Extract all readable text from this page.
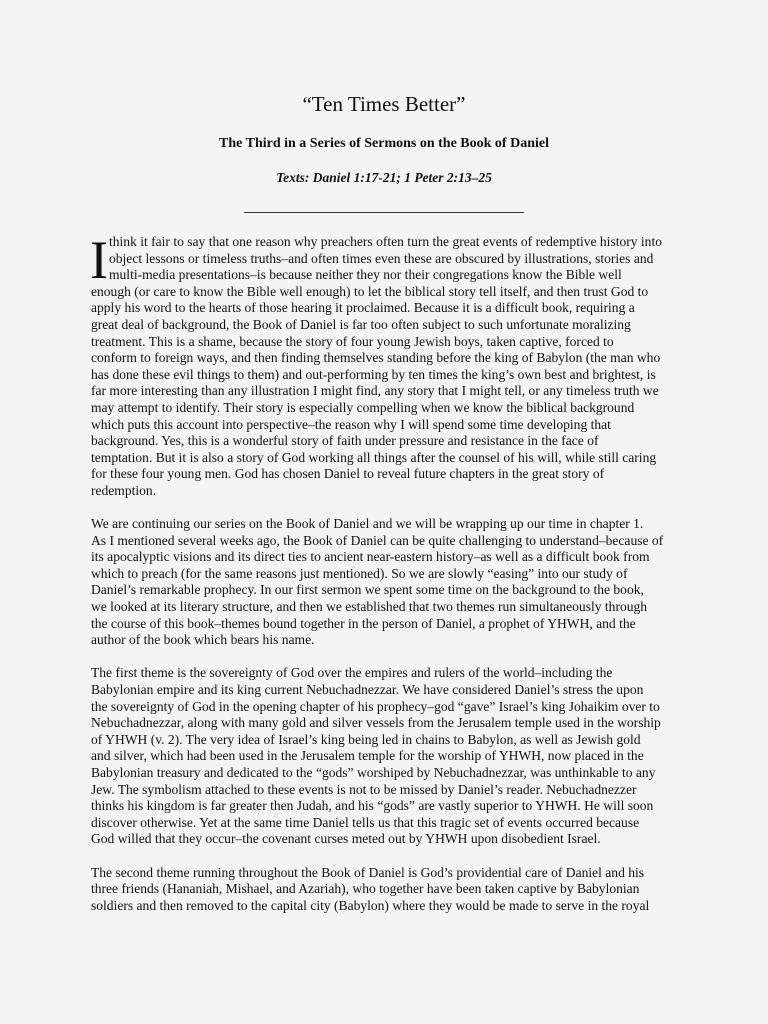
“Ten Times Better”
The Third in a Series of Sermons on the Book of Daniel
Texts: Daniel 1:17-21; 1 Peter 2:13–25
I think it fair to say that one reason why preachers often turn the great events of redemptive history into
object lessons or timeless truths–and often times even these are obscured by illustrations, stories and
multi-media presentations–is because neither they nor their congregations know the Bible well
enough (or care to know the Bible well enough) to let the biblical story tell itself, and then trust God to
apply his word to the hearts of those hearing it proclaimed. Because it is a difficult book, requiring a
great deal of background, the Book of Daniel is far too often subject to such unfortunate moralizing
treatment. This is a shame, because the story of four young Jewish boys, taken captive, forced to
conform to foreign ways, and then finding themselves standing before the king of Babylon (the man who
has done these evil things to them) and out-performing by ten times the king’s own best and brightest, is
far more interesting than any illustration I might find, any story that I might tell, or any timeless truth we
may attempt to identify. Their story is especially compelling when we know the biblical background
which puts this account into perspective–the reason why I will spend some time developing that
background. Yes, this is a wonderful story of faith under pressure and resistance in the face of
temptation. But it is also a story of God working all things after the counsel of his will, while still caring
for these four young men. God has chosen Daniel to reveal future chapters in the great story of
redemption.
We are continuing our series on the Book of Daniel and we will be wrapping up our time in chapter 1.
As I mentioned several weeks ago, the Book of Daniel can be quite challenging to understand–because of
its apocalyptic visions and its direct ties to ancient near-eastern history–as well as a difficult book from
which to preach (for the same reasons just mentioned). So we are slowly “easing” into our study of
Daniel’s remarkable prophecy. In our first sermon we spent some time on the background to the book,
we looked at its literary structure, and then we established that two themes run simultaneously through
the course of this book–themes bound together in the person of Daniel, a prophet of YHWH, and the
author of the book which bears his name.
The first theme is the sovereignty of God over the empires and rulers of the world–including the
Babylonian empire and its king current Nebuchadnezzar. We have considered Daniel’s stress the upon
the sovereignty of God in the opening chapter of his prophecy–god “gave” Israel’s king Johaikim over to
Nebuchadnezzar, along with many gold and silver vessels from the Jerusalem temple used in the worship
of YHWH (v. 2). The very idea of Israel’s king being led in chains to Babylon, as well as Jewish gold
and silver, which had been used in the Jerusalem temple for the worship of YHWH, now placed in the
Babylonian treasury and dedicated to the “gods” worshiped by Nebuchadnezzar, was unthinkable to any
Jew. The symbolism attached to these events is not to be missed by Daniel’s reader. Nebuchadnezzer
thinks his kingdom is far greater then Judah, and his “gods” are vastly superior to YHWH. He will soon
discover otherwise. Yet at the same time Daniel tells us that this tragic set of events occurred because
God willed that they occur–the covenant curses meted out by YHWH upon disobedient Israel.
The second theme running throughout the Book of Daniel is God’s providential care of Daniel and his
three friends (Hananiah, Mishael, and Azariah), who together have been taken captive by Babylonian
soldiers and then removed to the capital city (Babylon) where they would be made to serve in the royal
